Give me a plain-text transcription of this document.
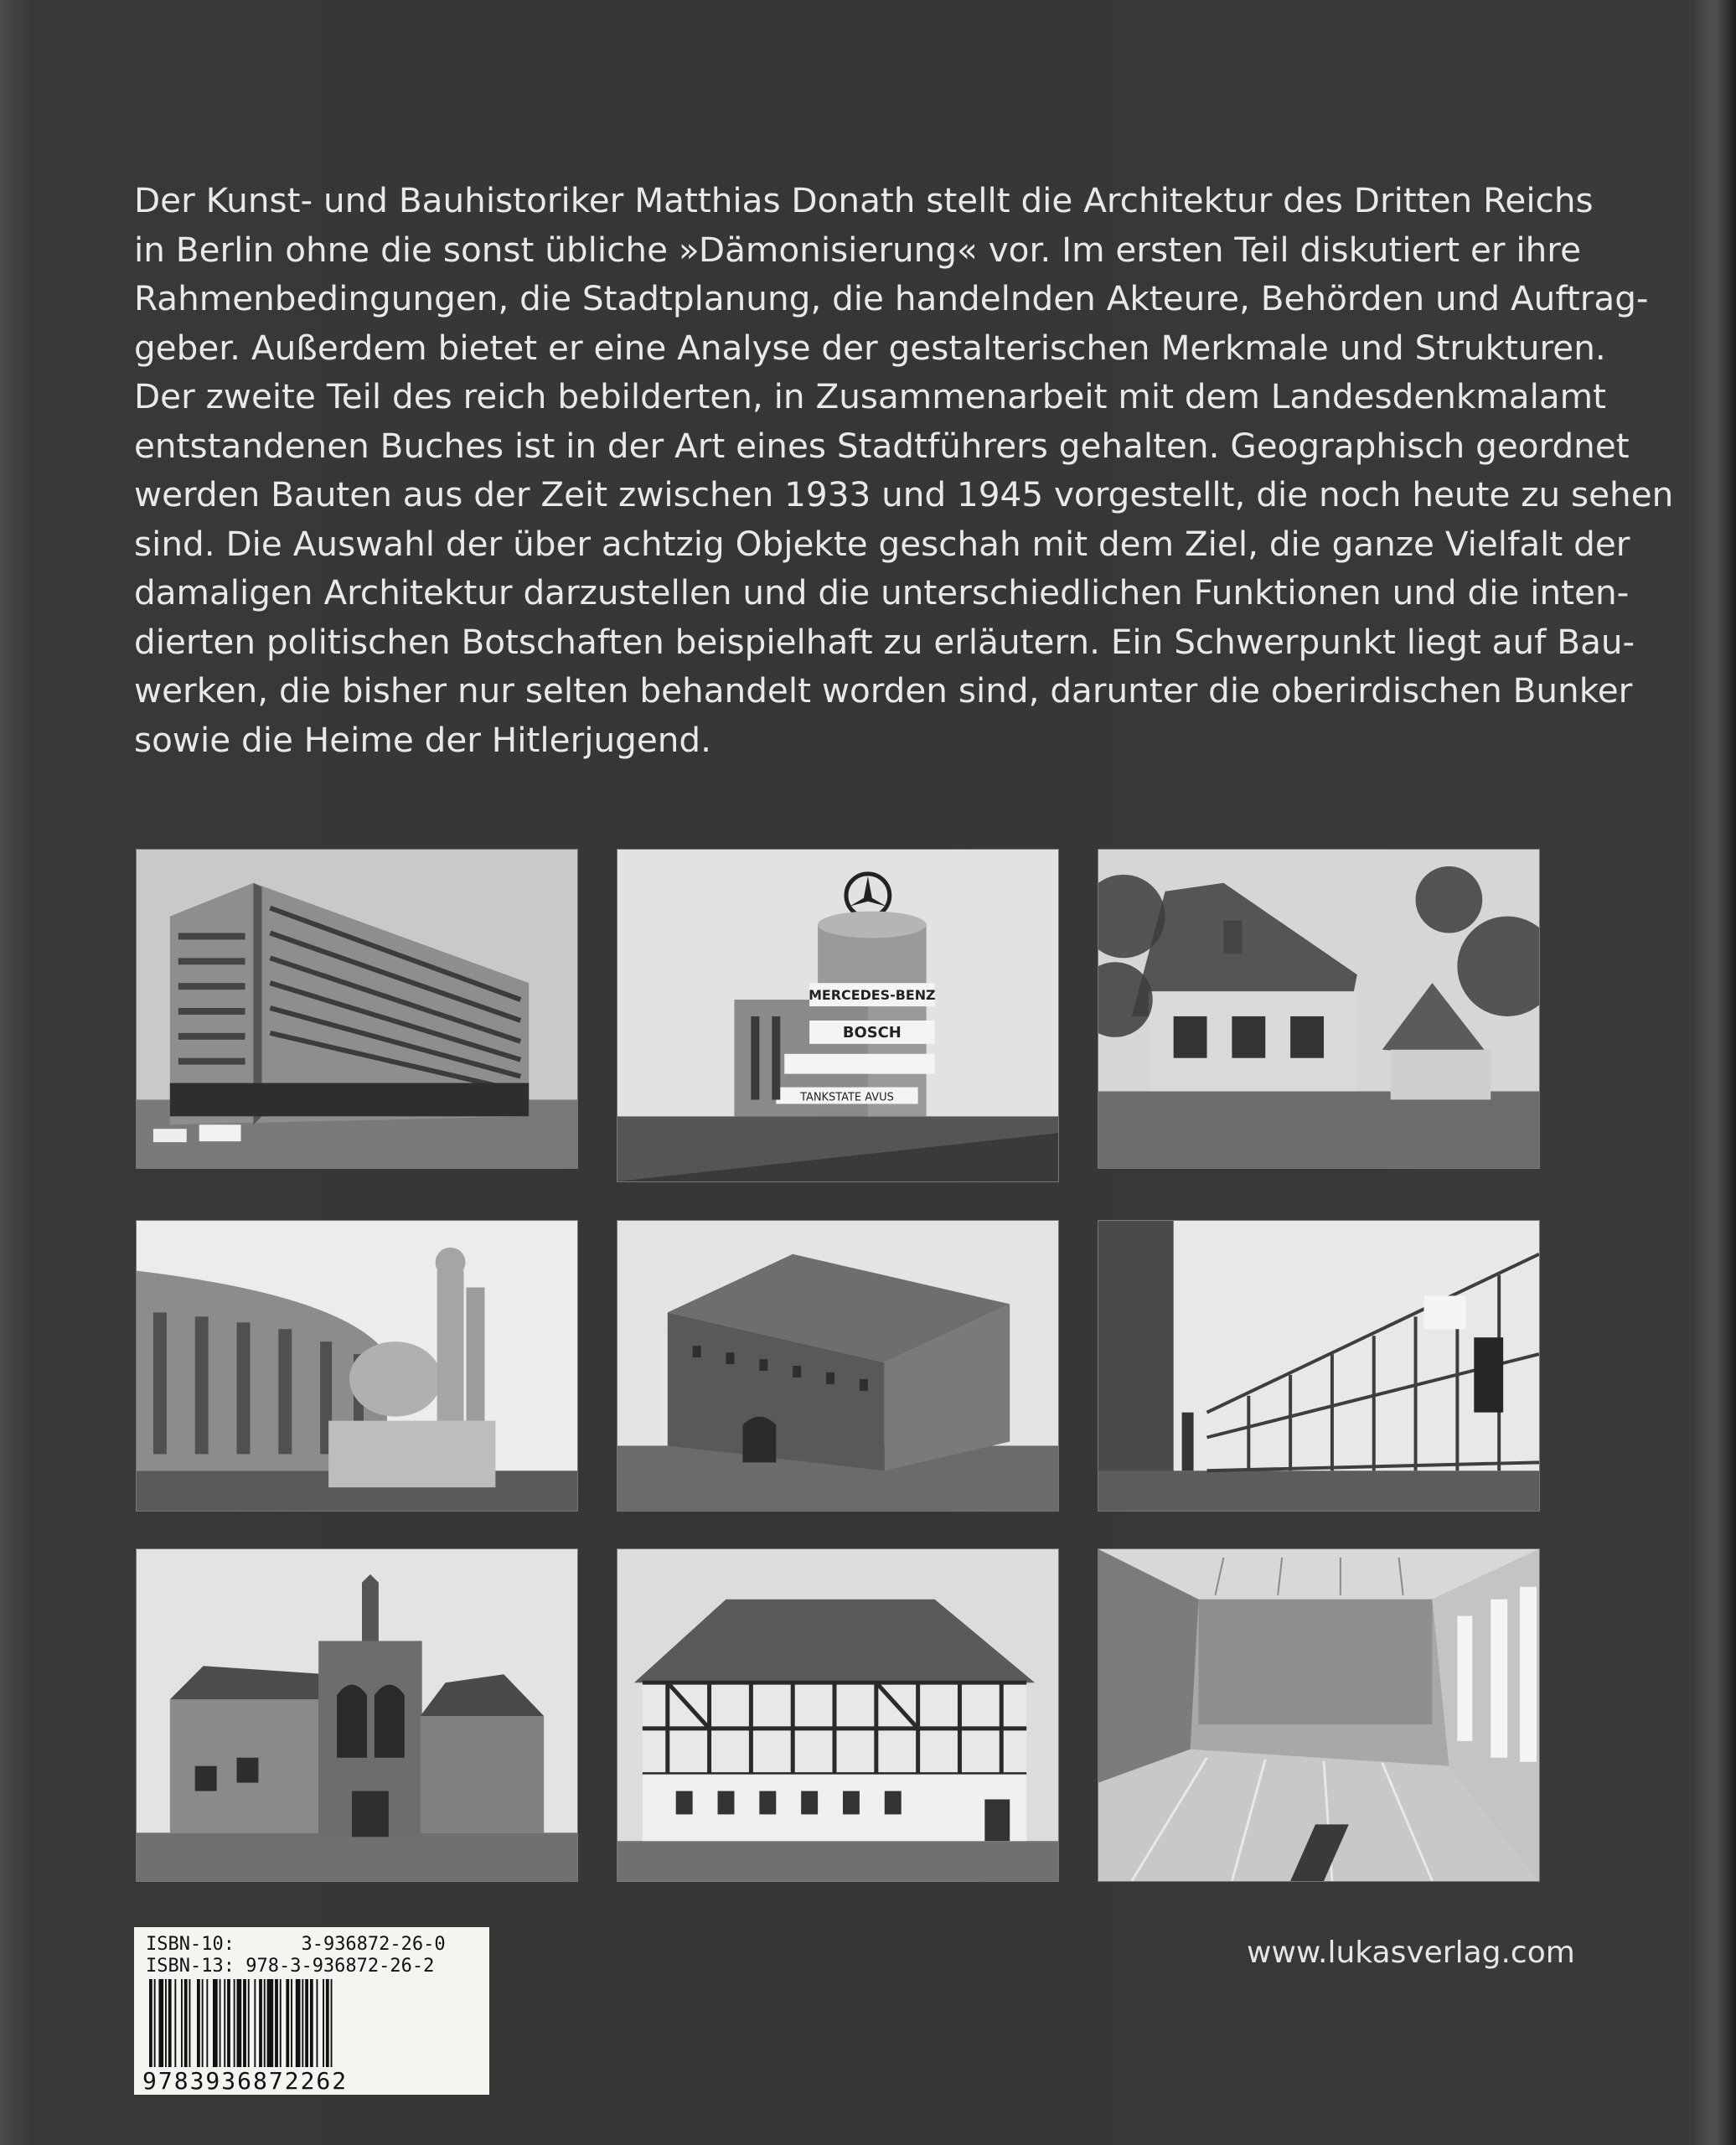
Der Kunst- und Bauhistoriker Matthias Donath stellt die Architektur des Dritten Reichs
in Berlin ohne die sonst übliche »Dämonisierung« vor. Im ersten Teil diskutiert er ihre
Rahmenbedingungen, die Stadtplanung, die handelnden Akteure, Behörden und Auftrag-
geber. Außerdem bietet er eine Analyse der gestalterischen Merkmale und Strukturen.
Der zweite Teil des reich bebilderten, in Zusammenarbeit mit dem Landesdenkmalamt
entstandenen Buches ist in der Art eines Stadtführers gehalten. Geographisch geordnet
werden Bauten aus der Zeit zwischen 1933 und 1945 vorgestellt, die noch heute zu sehen
sind. Die Auswahl der über achtzig Objekte geschah mit dem Ziel, die ganze Vielfalt der
damaligen Architektur darzustellen und die unterschiedlichen Funktionen und die inten-
dierten politischen Botschaften beispielhaft zu erläutern. Ein Schwerpunkt liegt auf Bau-
werken, die bisher nur selten behandelt worden sind, darunter die oberirdischen Bunker
sowie die Heime der Hitlerjugend.
MERCEDES-BENZ
BOSCH
TANKSTATE AVUS
ISBN-10:	3-936872-26-0
ISBN-13: 978-3-936872-26-2
9783936872262
www.lukasverlag.com
